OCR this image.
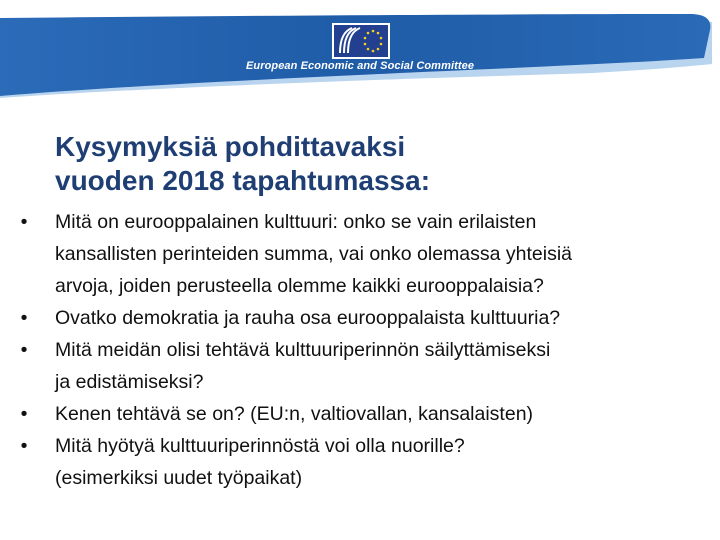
European Economic and Social Committee
Kysymyksiä pohdittavaksi
vuoden 2018 tapahtumassa:
• Mitä on eurooppalainen kulttuuri: onko se vain erilaisten
kansallisten perinteiden summa, vai onko olemassa yhteisiä
arvoja, joiden perusteella olemme kaikki eurooppalaisia?
• Ovatko demokratia ja rauha osa eurooppalaista kulttuuria?
• Mitä meidän olisi tehtävä kulttuuriperinnön säilyttämiseksi
ja edistämiseksi?
• Kenen tehtävä se on? (EU:n, valtiovallan, kansalaisten)
• Mitä hyötyä kulttuuriperinnöstä voi olla nuorille?
(esimerkiksi uudet työpaikat)
